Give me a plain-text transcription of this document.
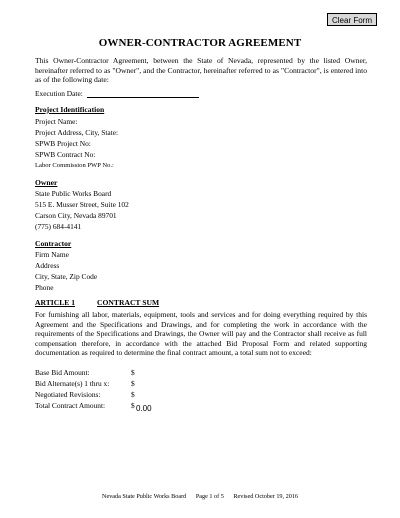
Clear Form
OWNER-CONTRACTOR AGREEMENT
This Owner-Contractor Agreement, between the State of Nevada, represented by the listed Owner, hereinafter referred to as "Owner", and the Contractor, hereinafter referred to as "Contractor", is entered into as of the following date:
Execution Date:
Project Identification
Project Name:
Project Address, City, State:
SPWB Project No:
SPWB Contract No:
Labor Commission PWP No.:
Owner
State Public Works Board
515 E. Musser Street, Suite 102
Carson City, Nevada 89701
(775) 684-4141
Contractor
Firm Name
Address
City, State, Zip Code
Phone
ARTICLE 1	CONTRACT SUM
For furnishing all labor, materials, equipment, tools and services and for doing everything required by this Agreement and the Specifications and Drawings, and for completing the work in accordance with the requirements of the Specifications and Drawings, the Owner will pay and the Contractor shall receive as full compensation therefore, in accordance with the attached Bid Proposal Form and related supporting documentation as required to determine the final contract amount, a total sum not to exceed:
Base Bid Amount:	$
Bid Alternate(s) 1 thru x:	$
Negotiated Revisions:	$
Total Contract Amount:	$ 0.00
Nevada State Public Works Board Page 1 of 5 Revised October 19, 2016
